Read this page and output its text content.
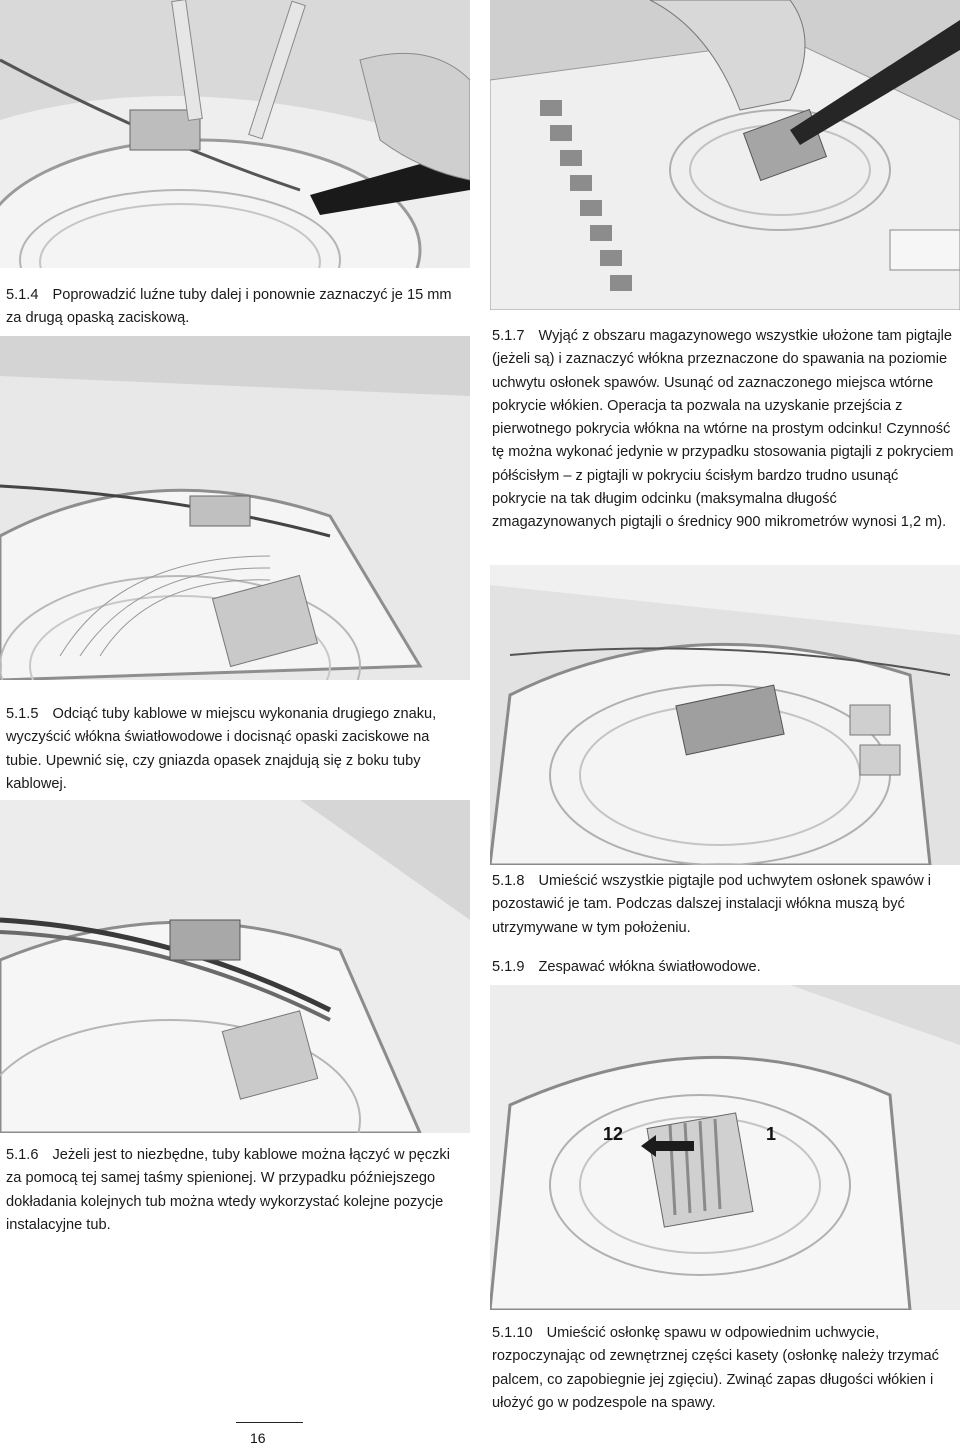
5.1.4 Poprowadzić luźne tuby dalej i ponownie zaznaczyć je 15 mm za drugą opaską zaciskową.
5.1.7 Wyjąć z obszaru magazynowego wszystkie ułożone tam pigtajle (jeżeli są) i zaznaczyć włókna przeznaczone do spawania na poziomie uchwytu osłonek spawów. Usunąć od zaznaczonego miejsca wtórne pokrycie włókien. Operacja ta pozwala na uzyskanie przejścia z pierwotnego pokrycia włókna na wtórne na prostym odcinku! Czynność tę można wykonać jedynie w przypadku stosowania pigtajli z pokryciem półścisłym – z pigtajli w pokryciu ścisłym bardzo trudno usunąć pokrycie na tak długim odcinku (maksymalna długość zmagazynowanych pigtajli o średnicy 900 mikrometrów wynosi 1,2 m).
5.1.5 Odciąć tuby kablowe w miejscu wykonania drugiego znaku, wyczyścić włókna światłowodowe i docisnąć opaski zaciskowe na tubie. Upewnić się, czy gniazda opasek znajdują się z boku tuby kablowej.
5.1.8 Umieścić wszystkie pigtajle pod uchwytem osłonek spawów i pozostawić je tam. Podczas dalszej instalacji włókna muszą być utrzymywane w tym położeniu.
5.1.9 Zespawać włókna światłowodowe.
12	1
5.1.6 Jeżeli jest to niezbędne, tuby kablowe można łączyć w pęczki za pomocą tej samej taśmy spienionej. W przypadku późniejszego dokładania kolejnych tub można wtedy wykorzystać kolejne pozycje instalacyjne tub.
5.1.10 Umieścić osłonkę spawu w odpowiednim uchwycie, rozpoczynając od zewnętrznej części kasety (osłonkę należy trzymać palcem, co zapobiegnie jej zgięciu). Zwinąć zapas długości włókien i ułożyć go w podzespole na spawy.
16
